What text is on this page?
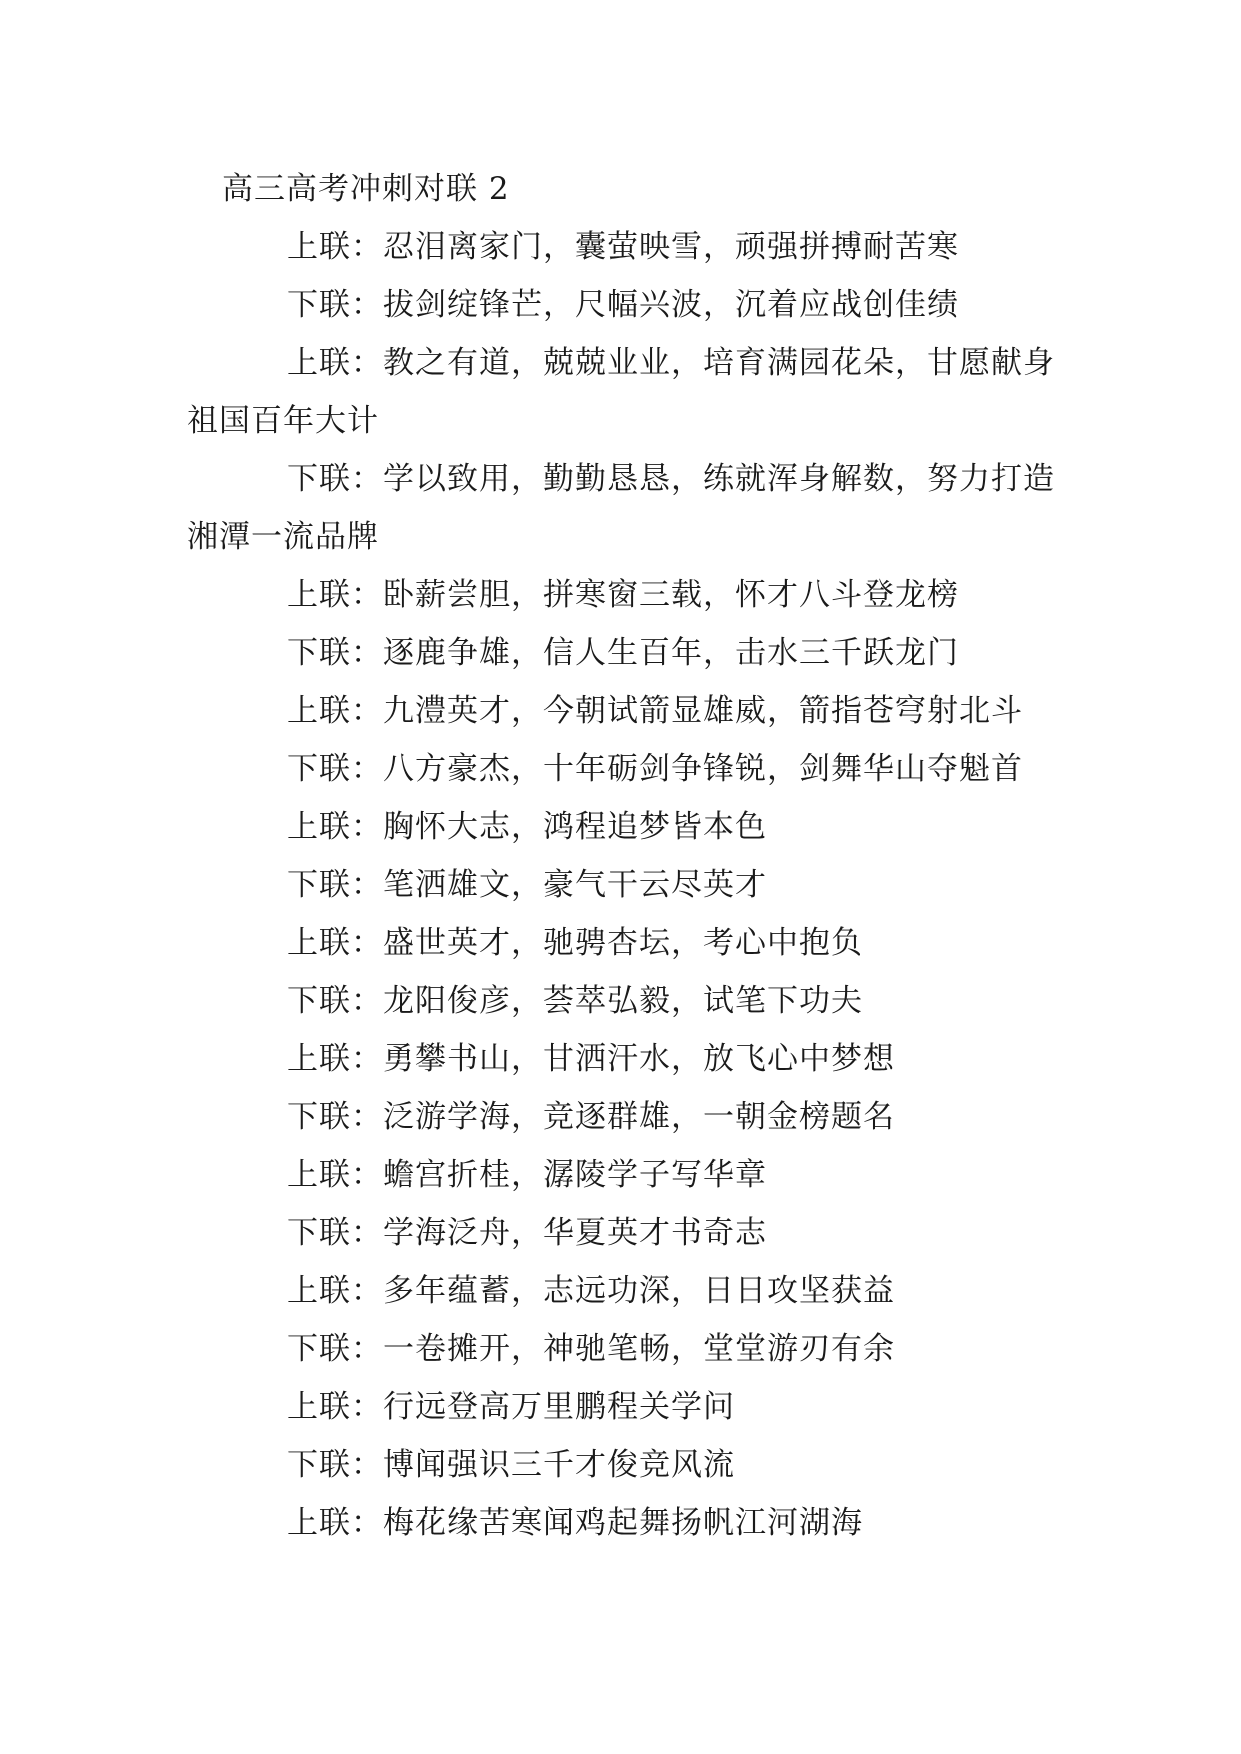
高三高考冲刺对联 2
上联：忍泪离家门，囊萤映雪，顽强拼搏耐苦寒
下联：拔剑绽锋芒，尺幅兴波，沉着应战创佳绩
上联：教之有道，兢兢业业，培育满园花朵，甘愿献身祖国百年大计
下联：学以致用，勤勤恳恳，练就浑身解数，努力打造湘潭一流品牌
上联：卧薪尝胆，拼寒窗三载，怀才八斗登龙榜
下联：逐鹿争雄，信人生百年，击水三千跃龙门
上联：九澧英才，今朝试箭显雄威，箭指苍穹射北斗
下联：八方豪杰，十年砺剑争锋锐，剑舞华山夺魁首
上联：胸怀大志，鸿程追梦皆本色
下联：笔洒雄文，豪气干云尽英才
上联：盛世英才，驰骋杏坛，考心中抱负
下联：龙阳俊彦，荟萃弘毅，试笔下功夫
上联：勇攀书山，甘洒汗水，放飞心中梦想
下联：泛游学海，竞逐群雄，一朝金榜题名
上联：蟾宫折桂，潺陵学子写华章
下联：学海泛舟，华夏英才书奇志
上联：多年蕴蓄，志远功深，日日攻坚获益
下联：一卷摊开，神驰笔畅，堂堂游刃有余
上联：行远登高万里鹏程关学问
下联：博闻强识三千才俊竞风流
上联：梅花缘苦寒闻鸡起舞扬帆江河湖海
